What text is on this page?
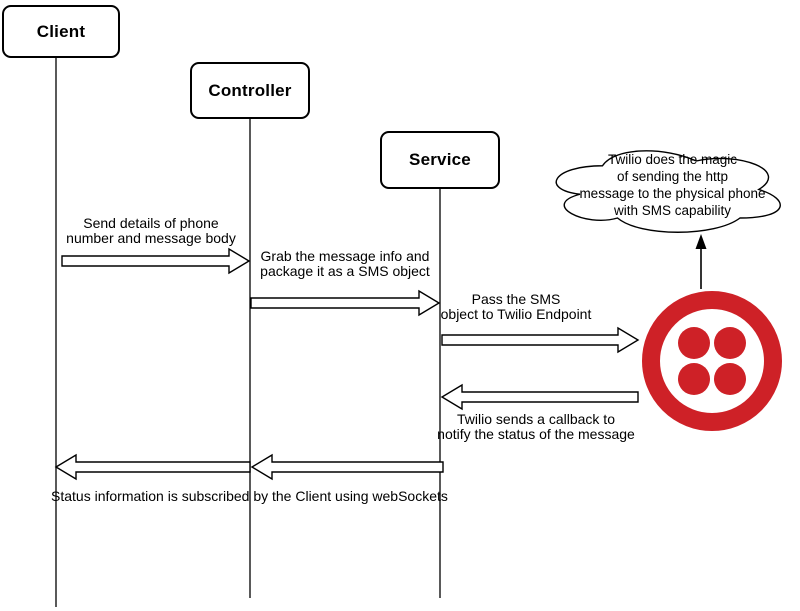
Client
Controller
Service	Twilio does the magic
of sending the http
message to the physical phone
with SMS capability
Send details of phone
number and message body
Grab the message info and
package it as a SMS object
Pass the SMS
object to Twilio Endpoint
Twilio sends a callback to
notify the status of the message
Status information is subscribed by the Client using webSockets
